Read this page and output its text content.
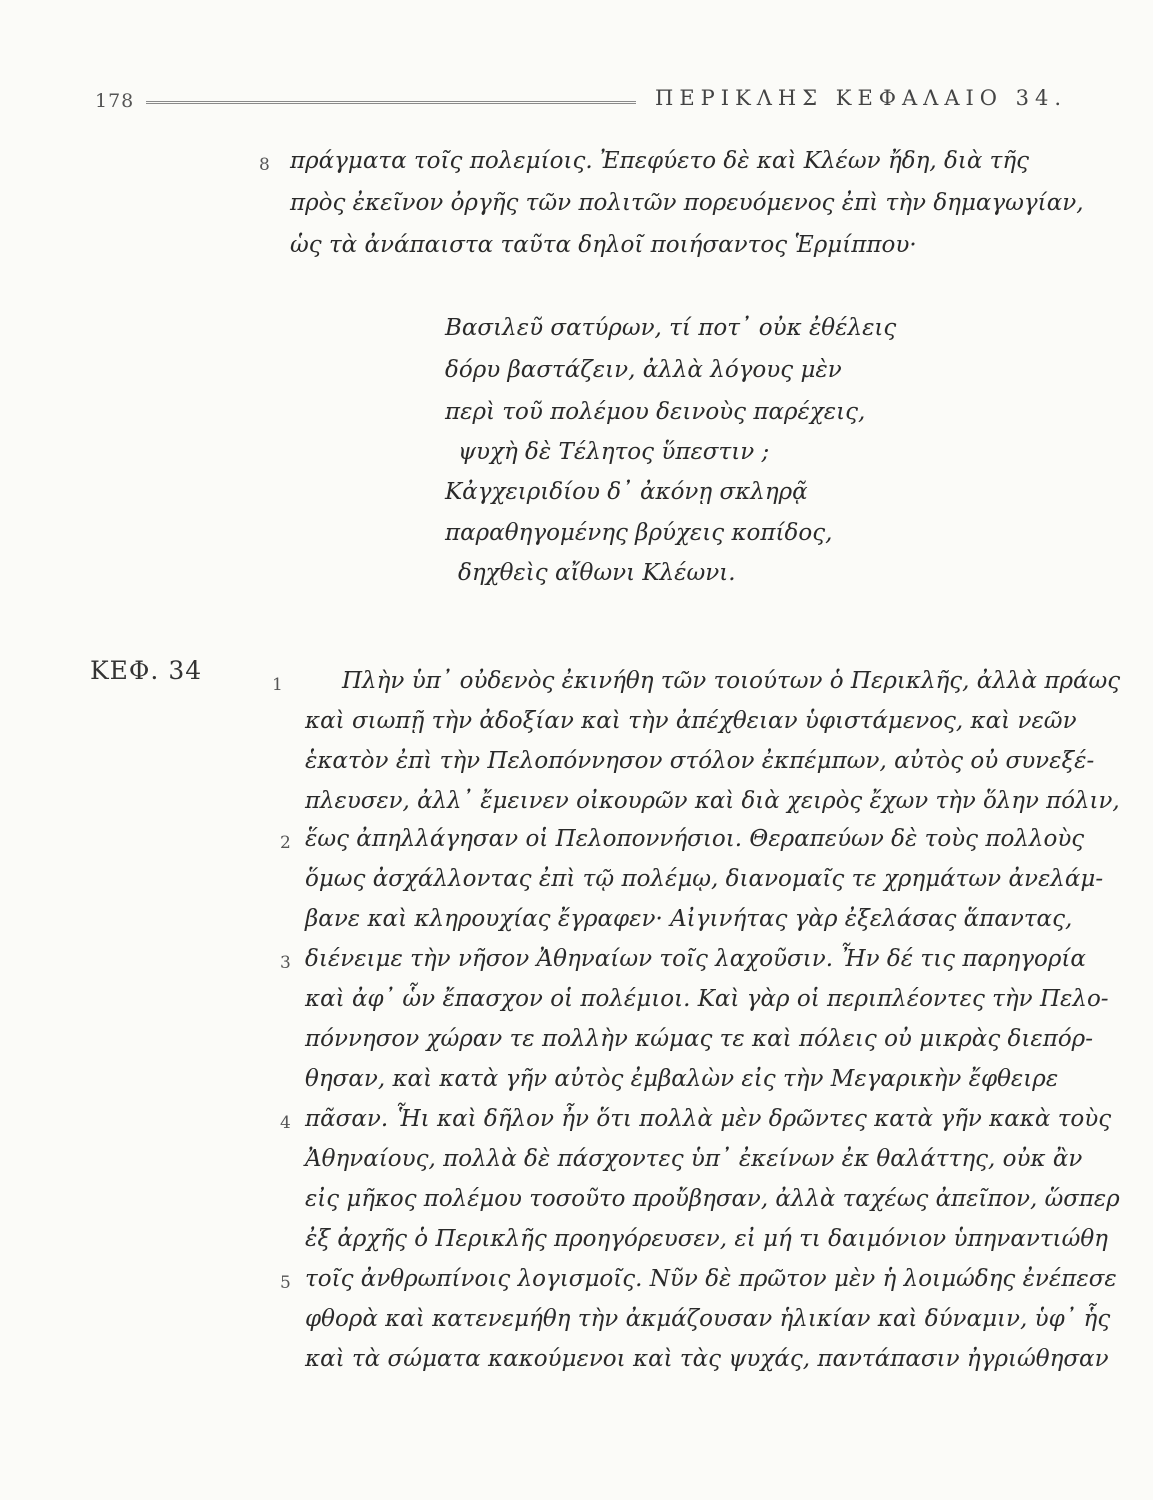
178	ΠΕΡΙΚΛΗΣ ΚΕΦΑΛΑΙΟ 34.
8 πράγματα τοῖς πολεμίοις. Ἐπεφύετο δὲ καὶ Κλέων ἤδη, διὰ τῆς
πρὸς ἐκεῖνον ὀργῆς τῶν πολιτῶν πορευόμενος ἐπὶ τὴν δημαγωγίαν,
ὡς τὰ ἀνάπαιστα ταῦτα δηλοῖ ποιήσαντος Ἑρμίππου·
Βασιλεῦ σατύρων, τί ποτ᾽ οὐκ ἐθέλεις
δόρυ βαστάζειν, ἀλλὰ λόγους μὲν
περὶ τοῦ πολέμου δεινοὺς παρέχεις,
ψυχὴ δὲ Τέλητος ὕπεστιν ;
Κἀγχειριδίου δ᾽ ἀκόνῃ σκληρᾷ
παραθηγομένης βρύχεις κοπίδος,
δηχθεὶς αἴθωνι Κλέωνι.
ΚΕΦ. 34	1	Πλὴν ὑπ᾽ οὐδενὸς ἐκινήθη τῶν τοιούτων ὁ Περικλῆς, ἀλλὰ πράως
καὶ σιωπῇ τὴν ἀδοξίαν καὶ τὴν ἀπέχθειαν ὑφιστάμενος, καὶ νεῶν
ἑκατὸν ἐπὶ τὴν Πελοπόννησον στόλον ἐκπέμπων, αὐτὸς οὐ συνεξέ-
πλευσεν, ἀλλ᾽ ἔμεινεν οἰκουρῶν καὶ διὰ χειρὸς ἔχων τὴν ὅλην πόλιν,
2 ἕως ἀπηλλάγησαν οἱ Πελοποννήσιοι. Θεραπεύων δὲ τοὺς πολλοὺς
ὅμως ἀσχάλλοντας ἐπὶ τῷ πολέμῳ, διανομαῖς τε χρημάτων ἀνελάμ-
βανε καὶ κληρουχίας ἔγραφεν· Αἰγινήτας γὰρ ἐξελάσας ἅπαντας,
3 διένειμε τὴν νῆσον Ἀθηναίων τοῖς λαχοῦσιν. Ἦν δέ τις παρηγορία
καὶ ἀφ᾽ ὧν ἔπασχον οἱ πολέμιοι. Καὶ γὰρ οἱ περιπλέοντες τὴν Πελο-
πόννησον χώραν τε πολλὴν κώμας τε καὶ πόλεις οὐ μικρὰς διεπόρ-
θησαν, καὶ κατὰ γῆν αὐτὸς ἐμβαλὼν εἰς τὴν Μεγαρικὴν ἔφθειρε
4 πᾶσαν. Ἧι καὶ δῆλον ἦν ὅτι πολλὰ μὲν δρῶντες κατὰ γῆν κακὰ τοὺς
Ἀθηναίους, πολλὰ δὲ πάσχοντες ὑπ᾽ ἐκείνων ἐκ θαλάττης, οὐκ ἂν
εἰς μῆκος πολέμου τοσοῦτο προὔβησαν, ἀλλὰ ταχέως ἀπεῖπον, ὥσπερ
ἐξ ἀρχῆς ὁ Περικλῆς προηγόρευσεν, εἰ μή τι δαιμόνιον ὑπηναντιώθη
5 τοῖς ἀνθρωπίνοις λογισμοῖς. Νῦν δὲ πρῶτον μὲν ἡ λοιμώδης ἐνέπεσε
φθορὰ καὶ κατενεμήθη τὴν ἀκμάζουσαν ἡλικίαν καὶ δύναμιν, ὑφ᾽ ἧς
καὶ τὰ σώματα κακούμενοι καὶ τὰς ψυχάς, παντάπασιν ἠγριώθησαν
